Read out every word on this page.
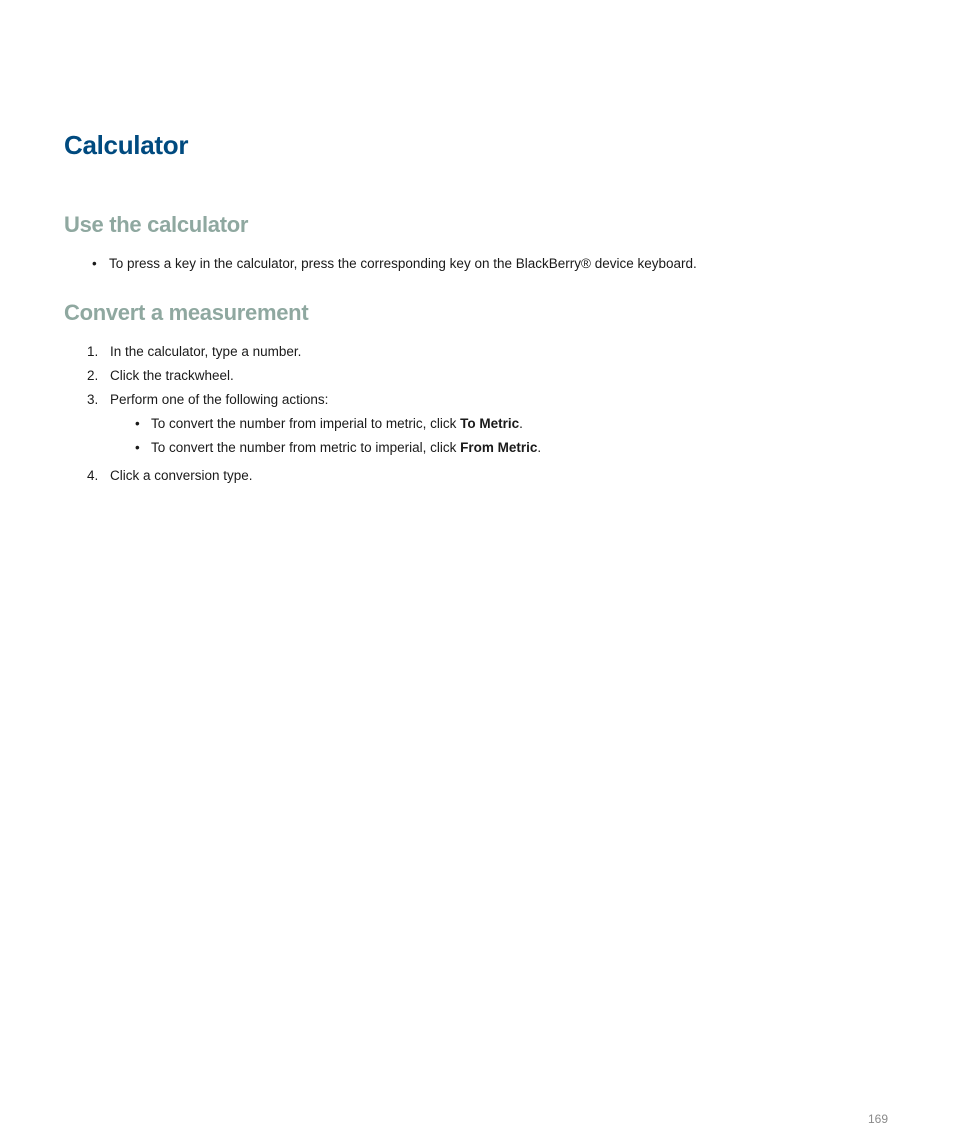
Calculator
Use the calculator
• To press a key in the calculator, press the corresponding key on the BlackBerry® device keyboard.
Convert a measurement
1. In the calculator, type a number.
2. Click the trackwheel.
3. Perform one of the following actions:
• To convert the number from imperial to metric, click To Metric.
• To convert the number from metric to imperial, click From Metric.
4. Click a conversion type.
169
